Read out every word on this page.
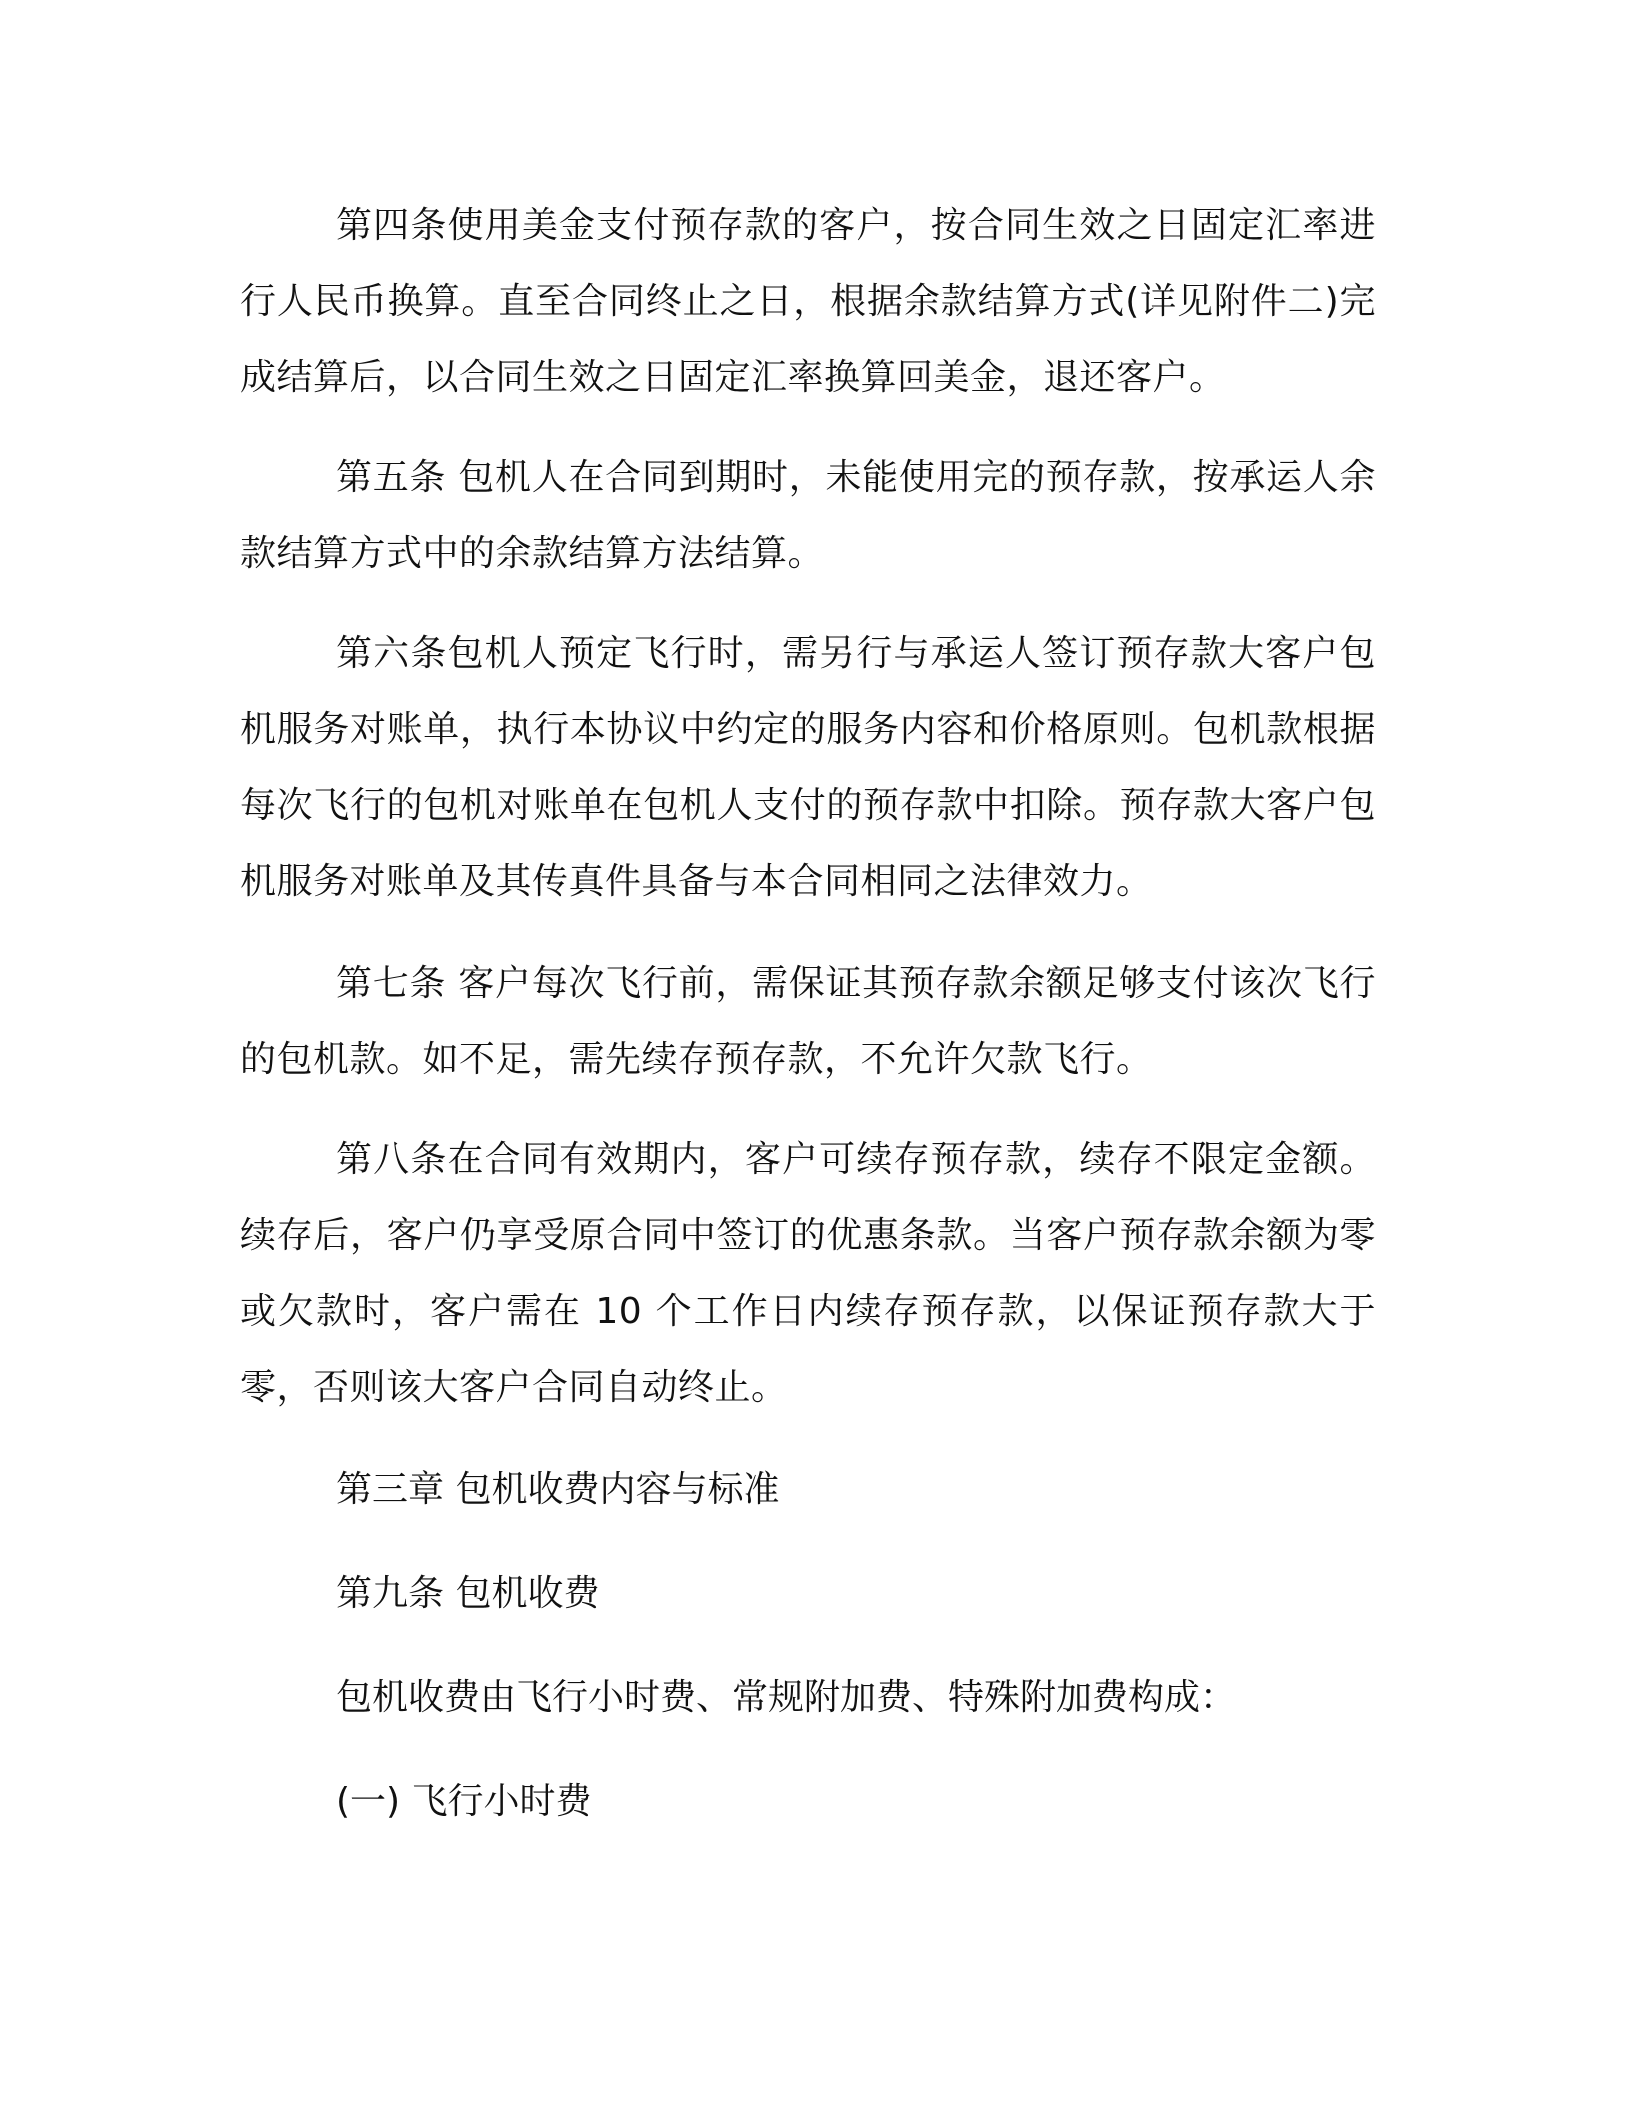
第四条使用美金支付预存款的客户，按合同生效之日固定汇率进行人民币换算。直至合同终止之日，根据余款结算方式(详见附件二)完成结算后，以合同生效之日固定汇率换算回美金，退还客户。

第五条 包机人在合同到期时，未能使用完的预存款，按承运人余款结算方式中的余款结算方法结算。

第六条包机人预定飞行时，需另行与承运人签订预存款大客户包机服务对账单，执行本协议中约定的服务内容和价格原则。包机款根据每次飞行的包机对账单在包机人支付的预存款中扣除。预存款大客户包机服务对账单及其传真件具备与本合同相同之法律效力。

第七条 客户每次飞行前，需保证其预存款余额足够支付该次飞行的包机款。如不足，需先续存预存款，不允许欠款飞行。

第八条在合同有效期内，客户可续存预存款，续存不限定金额。续存后，客户仍享受原合同中签订的优惠条款。当客户预存款余额为零或欠款时，客户需在 10 个工作日内续存预存款，以保证预存款大于零，否则该大客户合同自动终止。

第三章 包机收费内容与标准

第九条 包机收费

包机收费由飞行小时费、常规附加费、特殊附加费构成：

(一) 飞行小时费
